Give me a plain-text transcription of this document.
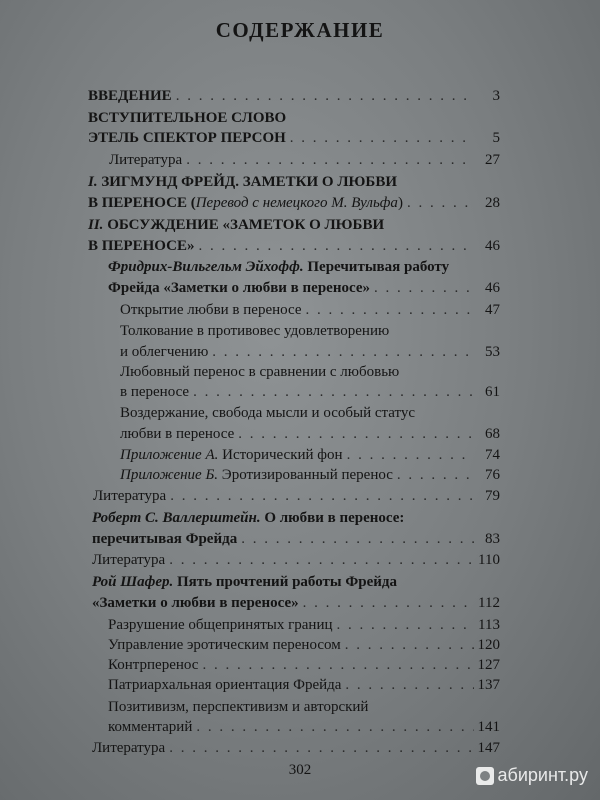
СОДЕРЖАНИЕ
ВВЕДЕНИЕ . . .	3
ВСТУПИТЕЛЬНОЕ СЛОВО
ЭТЕЛЬ СПЕКТОР ПЕРСОН . . .	5
Литература . . .	27
I. ЗИГМУНД ФРЕЙД. ЗАМЕТКИ О ЛЮБВИ
В ПЕРЕНОСЕ (Перевод с немецкого М. Вульфа) . . .	28
II. ОБСУЖДЕНИЕ «ЗАМЕТОК О ЛЮБВИ
В ПЕРЕНОСЕ» . . .	46
Фридрих-Вильгельм Эйхофф. Перечитывая работу
Фрейда «Заметки о любви в переносе» . . .	46
Открытие любви в переносе . . .	47
Толкование в противовес удовлетворению
и облегчению . . .	53
Любовный перенос в сравнении с любовью
в переносе . . .	61
Воздержание, свобода мысли и особый статус
любви в переносе . . .	68
Приложение А. Исторический фон . . .	74
Приложение Б. Эротизированный перенос . . .	76
Литература . . .	79
Роберт С. Валлерштейн. О любви в переносе:
перечитывая Фрейда . . .	83
Литература . . .	110
Рой Шафер. Пять прочтений работы Фрейда
«Заметки о любви в переносе» . . .	112
Разрушение общепринятых границ . . .	113
Управление эротическим переносом . . .	120
Контрперенос . . .	127
Патриархальная ориентация Фрейда . . .	137
Позитивизм, перспективизм и авторский
комментарий . . .	141
Литература . . .	147
302	абиринт.ру
